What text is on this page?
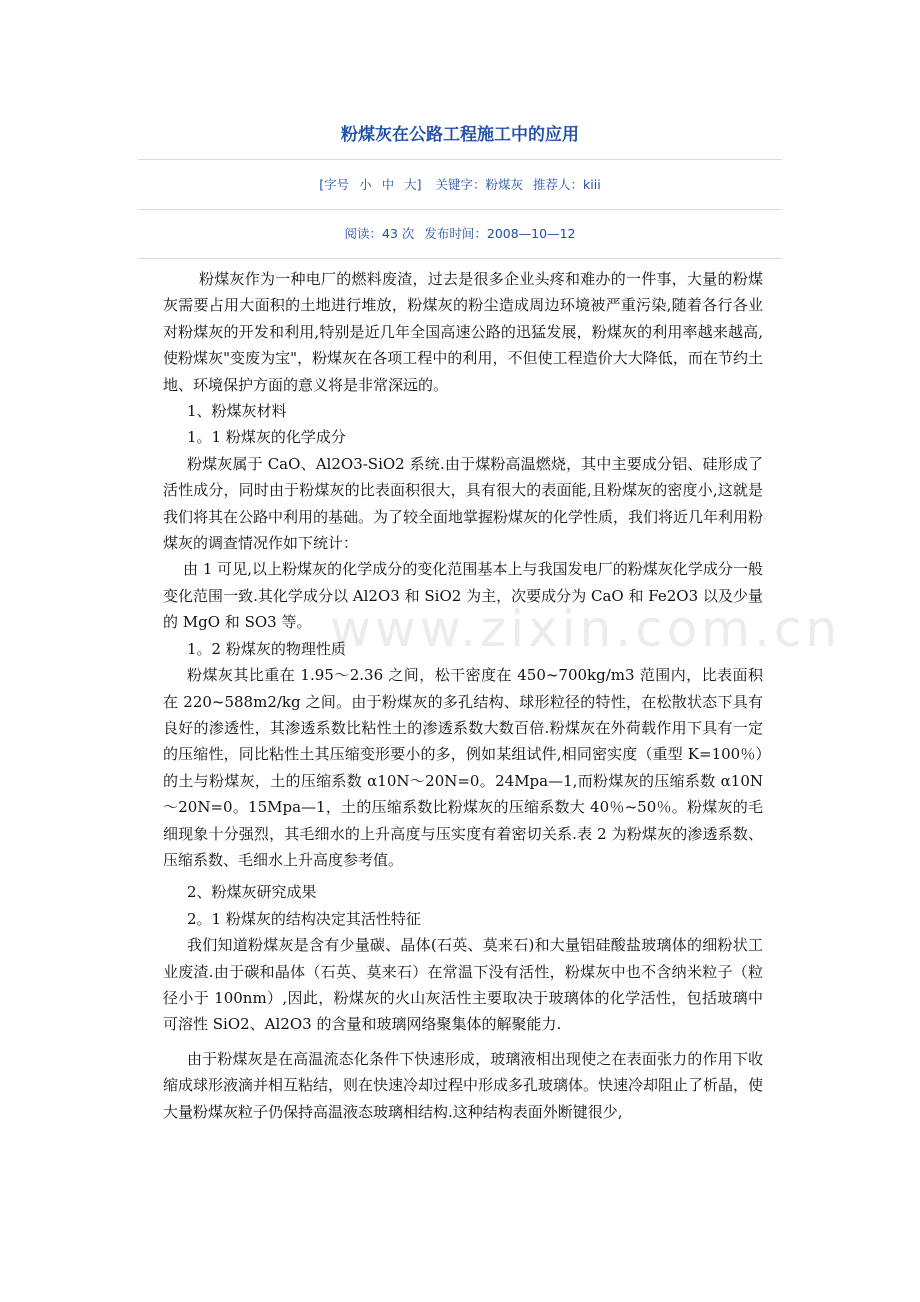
www.zixin.com.cn
粉煤灰在公路工程施工中的应用
[字号 小 中 大] 关键字：粉煤灰 推荐人：kiii
阅读：43 次 发布时间：2008—10—12

粉煤灰作为一种电厂的燃料废渣，过去是很多企业头疼和难办的一件事，大量的粉煤灰需要占用大面积的土地进行堆放，粉煤灰的粉尘造成周边环境被严重污染,随着各行各业对粉煤灰的开发和利用,特别是近几年全国高速公路的迅猛发展，粉煤灰的利用率越来越高,使粉煤灰"变废为宝"，粉煤灰在各项工程中的利用，不但使工程造价大大降低，而在节约土地、环境保护方面的意义将是非常深远的。

1、粉煤灰材料

1。1 粉煤灰的化学成分

粉煤灰属于 CaO、Al2O3-SiO2 系统.由于煤粉高温燃烧，其中主要成分铝、硅形成了活性成分，同时由于粉煤灰的比表面积很大，具有很大的表面能,且粉煤灰的密度小,这就是我们将其在公路中利用的基础。为了较全面地掌握粉煤灰的化学性质，我们将近几年利用粉煤灰的调查情况作如下统计：

由 1 可见,以上粉煤灰的化学成分的变化范围基本上与我国发电厂的粉煤灰化学成分一般变化范围一致.其化学成分以 Al2O3 和 SiO2 为主，次要成分为 CaO 和 Fe2O3 以及少量的 MgO 和 SO3 等。

1。2 粉煤灰的物理性质

粉煤灰其比重在 1.95～2.36 之间，松干密度在 450~700kg/m3 范围内，比表面积在 220~588m2/kg 之间。由于粉煤灰的多孔结构、球形粒径的特性，在松散状态下具有良好的渗透性，其渗透系数比粘性土的渗透系数大数百倍.粉煤灰在外荷载作用下具有一定的压缩性，同比粘性土其压缩变形要小的多，例如某组试件,相同密实度（重型 K=100％）的土与粉煤灰，土的压缩系数 α10N～20N=0。24Mpa—1,而粉煤灰的压缩系数 α10N～20N=0。15Mpa—1，土的压缩系数比粉煤灰的压缩系数大 40％~50％。粉煤灰的毛细现象十分强烈，其毛细水的上升高度与压实度有着密切关系.表 2 为粉煤灰的渗透系数、压缩系数、毛细水上升高度参考值。

2、粉煤灰研究成果

2。1 粉煤灰的结构决定其活性特征

我们知道粉煤灰是含有少量碳、晶体(石英、莫来石)和大量铝硅酸盐玻璃体的细粉状工业废渣.由于碳和晶体（石英、莫来石）在常温下没有活性，粉煤灰中也不含纳米粒子（粒径小于 100nm）,因此，粉煤灰的火山灰活性主要取决于玻璃体的化学活性，包括玻璃中可溶性 SiO2、Al2O3 的含量和玻璃网络聚集体的解聚能力.

由于粉煤灰是在高温流态化条件下快速形成，玻璃液相出现使之在表面张力的作用下收缩成球形液滴并相互粘结，则在快速冷却过程中形成多孔玻璃体。快速冷却阻止了析晶，使大量粉煤灰粒子仍保持高温液态玻璃相结构.这种结构表面外断键很少,
